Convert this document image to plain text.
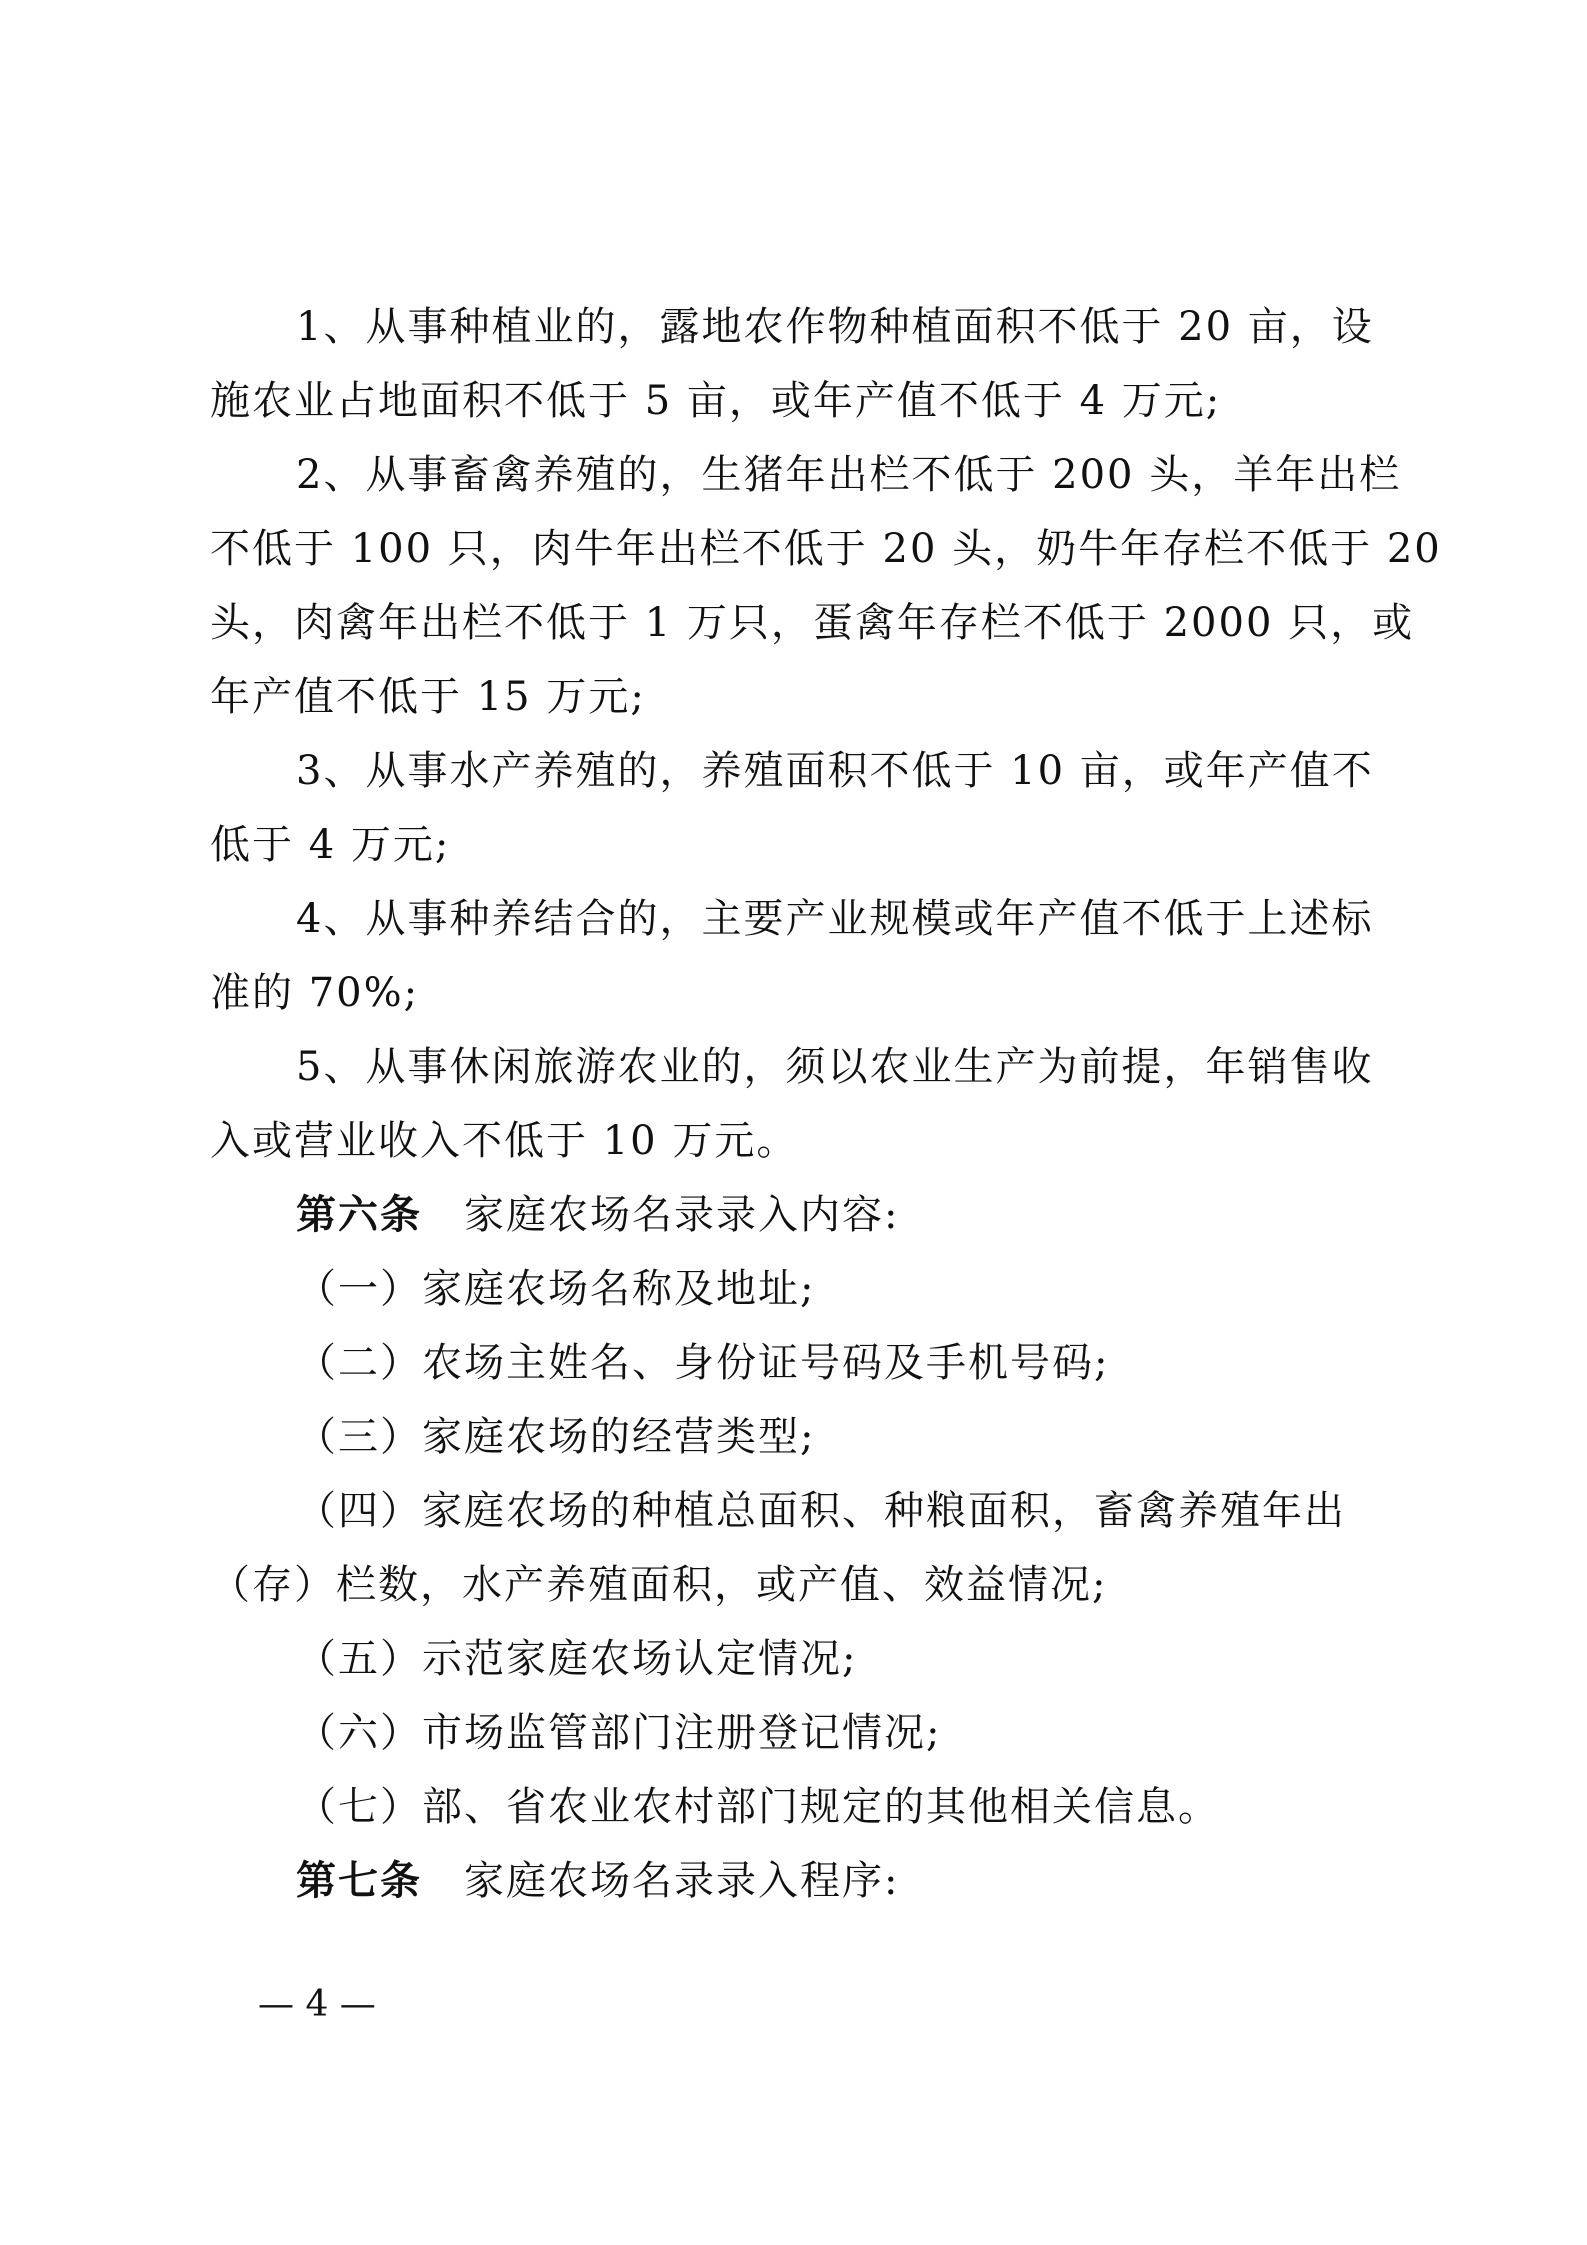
1、从事种植业的，露地农作物种植面积不低于 20 亩，设
施农业占地面积不低于 5 亩，或年产值不低于 4 万元;
2、从事畜禽养殖的，生猪年出栏不低于 200 头，羊年出栏
不低于 100 只，肉牛年出栏不低于 20 头，奶牛年存栏不低于 20
头，肉禽年出栏不低于 1 万只，蛋禽年存栏不低于 2000 只，或
年产值不低于 15 万元;
3、从事水产养殖的，养殖面积不低于 10 亩，或年产值不
低于 4 万元;
4、从事种养结合的，主要产业规模或年产值不低于上述标
准的 70%;
5、从事休闲旅游农业的，须以农业生产为前提，年销售收
入或营业收入不低于 10 万元。
第六条 家庭农场名录录入内容:
（一）家庭农场名称及地址;
（二）农场主姓名、身份证号码及手机号码;
（三）家庭农场的经营类型;
（四）家庭农场的种植总面积、种粮面积，畜禽养殖年出
（存）栏数，水产养殖面积，或产值、效益情况;
（五）示范家庭农场认定情况;
（六）市场监管部门注册登记情况;
（七）部、省农业农村部门规定的其他相关信息。
第七条 家庭农场名录录入程序:
— 4 —
